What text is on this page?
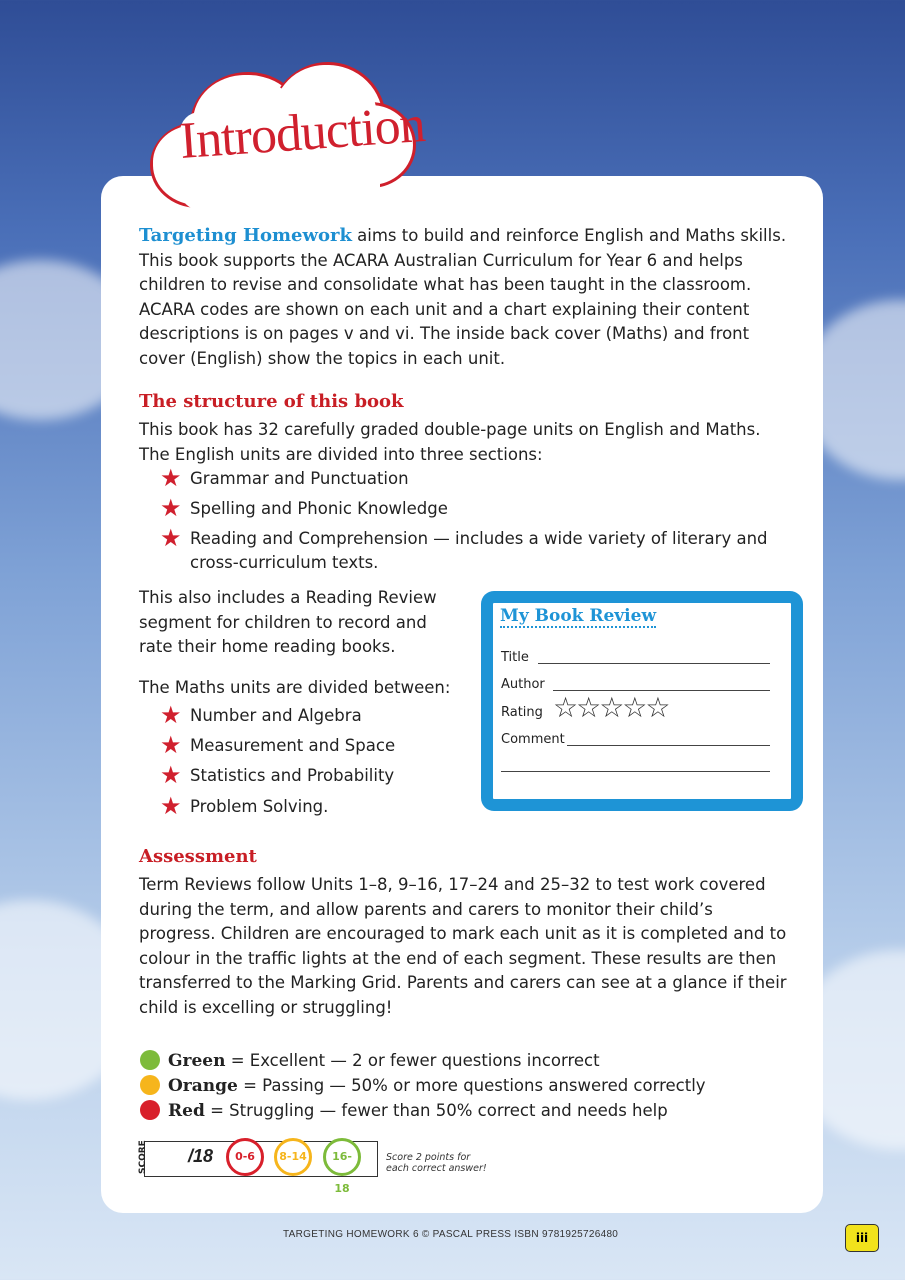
Introduction

Targeting Homework aims to build and reinforce English and Maths skills. This book supports the ACARA Australian Curriculum for Year 6 and helps children to revise and consolidate what has been taught in the classroom. ACARA codes are shown on each unit and a chart explaining their content descriptions is on pages v and vi. The inside back cover (Maths) and front cover (English) show the topics in each unit.

The structure of this book

This book has 32 carefully graded double-page units on English and Maths. The English units are divided into three sections:

★ Grammar and Punctuation
★ Spelling and Phonic Knowledge
★ Reading and Comprehension — includes a wide variety of literary and cross-curriculum texts.

This also includes a Reading Review segment for children to record and rate their home reading books.

The Maths units are divided between:

★ Number and Algebra
★ Measurement and Space
★ Statistics and Probability
★ Problem Solving.
My Book Review
Title
Author
Rating ☆☆☆☆☆
Comment
Assessment

Term Reviews follow Units 1–8, 9–16, 17–24 and 25–32 to test work covered during the term, and allow parents and carers to monitor their child’s progress. Children are encouraged to mark each unit as it is completed and to colour in the traffic lights at the end of each segment. These results are then transferred to the Marking Grid. Parents and carers can see at a glance if their child is excelling or struggling!

Green = Excellent — 2 or fewer questions incorrect
Orange = Passing — 50% or more questions answered correctly
Red = Struggling — fewer than 50% correct and needs help
SCORE /18	0-6	8-14	16-18
Score 2 points for
each correct answer!
TARGETING HOMEWORK 6 © PASCAL PRESS ISBN 9781925726480	iii
